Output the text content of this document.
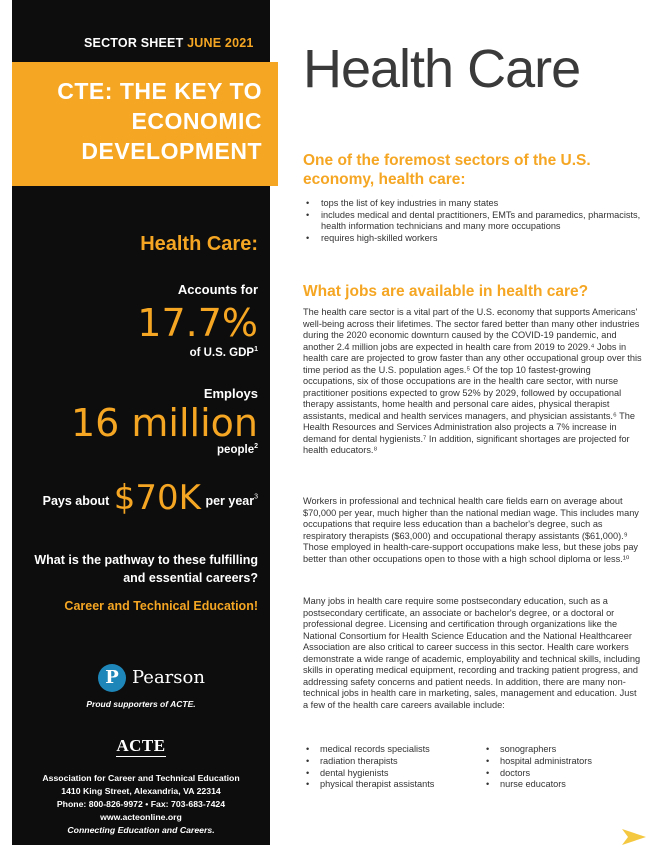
SECTOR SHEET JUNE 2021
CTE: THE KEY TO ECONOMIC DEVELOPMENT
Health Care:
Accounts for
17.7%
of U.S. GDP$^1$
Employs
16 million
people$^2$
Pays about $70K per year$^3$
What is the pathway to these fulfilling and essential careers?
Career and Technical Education!
P Pearson
Proud supporters of ACTE.
ACTE
Association for Career and Technical Education
1410 King Street, Alexandria, VA 22314
Phone: 800-826-9972 • Fax: 703-683-7424
www.acteonline.org
Connecting Education and Careers.
Health Care
One of the foremost sectors of the U.S. economy, health care:
• tops the list of key industries in many states
• includes medical and dental practitioners, EMTs and paramedics, pharmacists, health information technicians and many more occupations
• requires high-skilled workers
What jobs are available in health care?

The health care sector is a vital part of the U.S. economy that supports Americans' well-being across their lifetimes. The sector fared better than many other industries during the 2020 economic downturn caused by the COVID-19 pandemic, and another 2.4 million jobs are expected in health care from 2019 to 2029.⁴ Jobs in health care are projected to grow faster than any other occupational group over this time period as the U.S. population ages.⁵ Of the top 10 fastest-growing occupations, six of those occupations are in the health care sector, with nurse practitioner positions expected to grow 52% by 2029, followed by occupational therapy assistants, home health and personal care aides, physical therapist assistants, medical and health services managers, and physician assistants.⁶ The Health Resources and Services Administration also projects a 7% increase in demand for dental hygienists.⁷ In addition, significant shortages are projected for health educators.⁸

Workers in professional and technical health care fields earn on average about $70,000 per year, much higher than the national median wage. This includes many occupations that require less education than a bachelor's degree, such as respiratory therapists ($63,000) and occupational therapy assistants ($61,000).⁹ Those employed in health-care-support occupations make less, but these jobs pay better than other occupations open to those with a high school diploma or less.¹⁰

Many jobs in health care require some postsecondary education, such as a postsecondary certificate, an associate or bachelor's degree, or a doctoral or professional degree. Licensing and certification through organizations like the National Consortium for Health Science Education and the National Healthcareer Association are also critical to career success in this sector. Health care workers demonstrate a wide range of academic, employability and technical skills, including skills in operating medical equipment, recording and tracking patient progress, and addressing safety concerns and patient needs. In addition, there are many non-technical jobs in health care in marketing, sales, management and education. Just a few of the health care careers available include:

• medical records specialists
• radiation therapists
• dental hygienists
• physical therapist assistants
• sonographers
• hospital administrators
• doctors
• nurse educators
